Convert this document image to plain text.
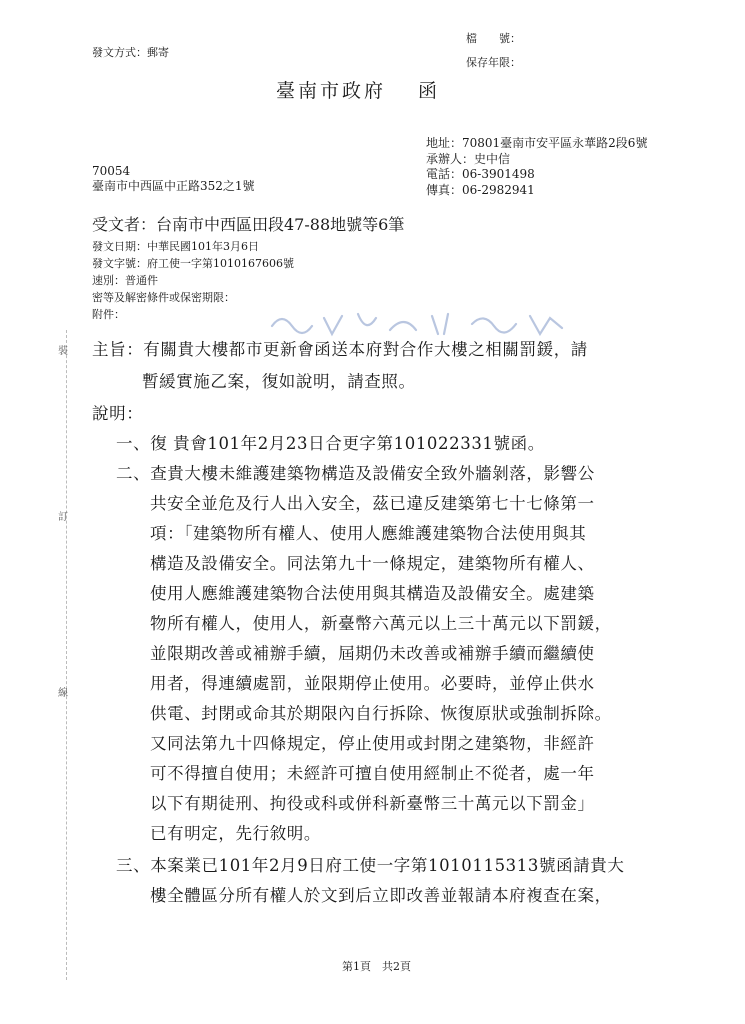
發文方式：郵寄
檔　　號：
保存年限：
臺南市政府 函
地址：70801臺南市安平區永華路2段6號
承辦人：史中信
電話：06-3901498
傳真：06-2982941
70054
臺南市中西區中正路352之1號
受文者：台南市中西區田段47-88地號等6筆
發文日期：中華民國101年3月6日
發文字號：府工使一字第1010167606號
速別：普通件
密等及解密條件或保密期限：
附件：
裝
訂
線
主旨：有關貴大樓都市更新會函送本府對合作大樓之相關罰鍰，請
暫緩實施乙案，復如說明，請查照。
說明：
一、復 貴會101年2月23日合更字第101022331號函。
二、查貴大樓未維護建築物構造及設備安全致外牆剝落，影響公
共安全並危及行人出入安全，茲已違反建築第七十七條第一
項：「建築物所有權人、使用人應維護建築物合法使用與其
構造及設備安全。同法第九十一條規定，建築物所有權人、
使用人應維護建築物合法使用與其構造及設備安全。處建築
物所有權人，使用人，新臺幣六萬元以上三十萬元以下罰鍰，
並限期改善或補辦手續，屆期仍未改善或補辦手續而繼續使
用者，得連續處罰，並限期停止使用。必要時，並停止供水
供電、封閉或命其於期限內自行拆除、恢復原狀或強制拆除。
又同法第九十四條規定，停止使用或封閉之建築物，非經許
可不得擅自使用；未經許可擅自使用經制止不從者，處一年
以下有期徒刑、拘役或科或併科新臺幣三十萬元以下罰金」
已有明定，先行敘明。
三、本案業已101年2月9日府工使一字第1010115313號函請貴大
樓全體區分所有權人於文到后立即改善並報請本府複查在案，
第1頁　共2頁
